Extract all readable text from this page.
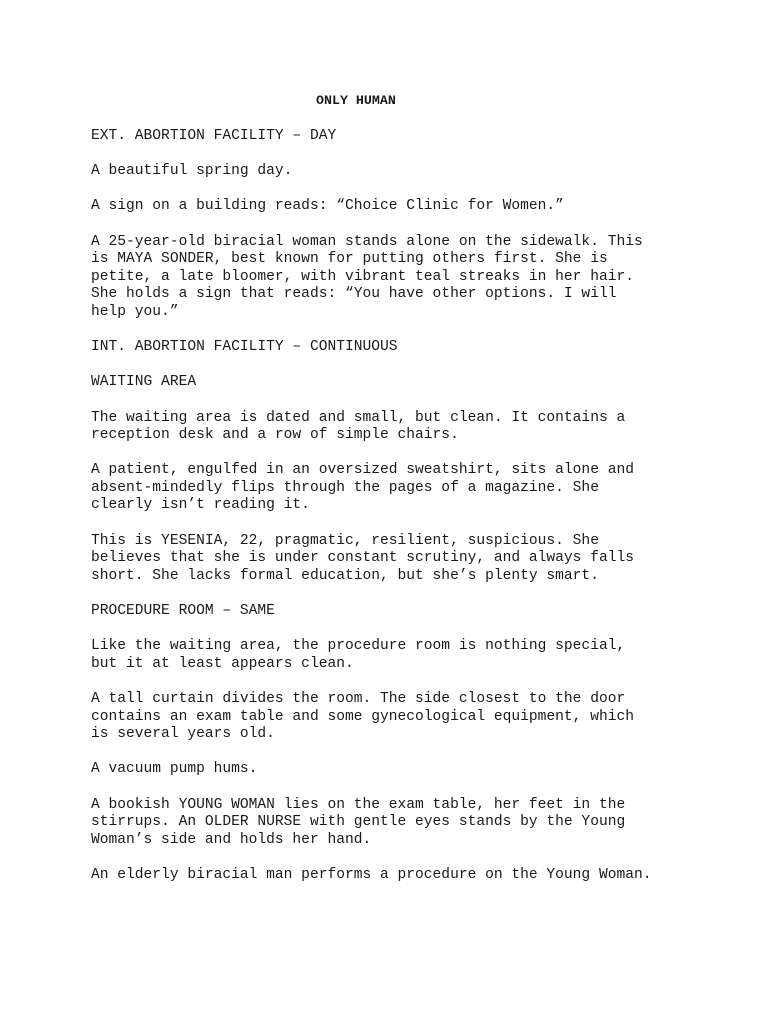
ONLY HUMAN

EXT. ABORTION FACILITY – DAY

A beautiful spring day.

A sign on a building reads: “Choice Clinic for Women.”

A 25-year-old biracial woman stands alone on the sidewalk. This
is MAYA SONDER, best known for putting others first. She is
petite, a late bloomer, with vibrant teal streaks in her hair.
She holds a sign that reads: “You have other options. I will
help you.”

INT. ABORTION FACILITY – CONTINUOUS

WAITING AREA

The waiting area is dated and small, but clean. It contains a
reception desk and a row of simple chairs.

A patient, engulfed in an oversized sweatshirt, sits alone and
absent-mindedly flips through the pages of a magazine. She
clearly isn’t reading it.

This is YESENIA, 22, pragmatic, resilient, suspicious. She
believes that she is under constant scrutiny, and always falls
short. She lacks formal education, but she’s plenty smart.

PROCEDURE ROOM – SAME

Like the waiting area, the procedure room is nothing special,
but it at least appears clean.

A tall curtain divides the room. The side closest to the door
contains an exam table and some gynecological equipment, which
is several years old.

A vacuum pump hums.

A bookish YOUNG WOMAN lies on the exam table, her feet in the
stirrups. An OLDER NURSE with gentle eyes stands by the Young
Woman’s side and holds her hand.

An elderly biracial man performs a procedure on the Young Woman.
